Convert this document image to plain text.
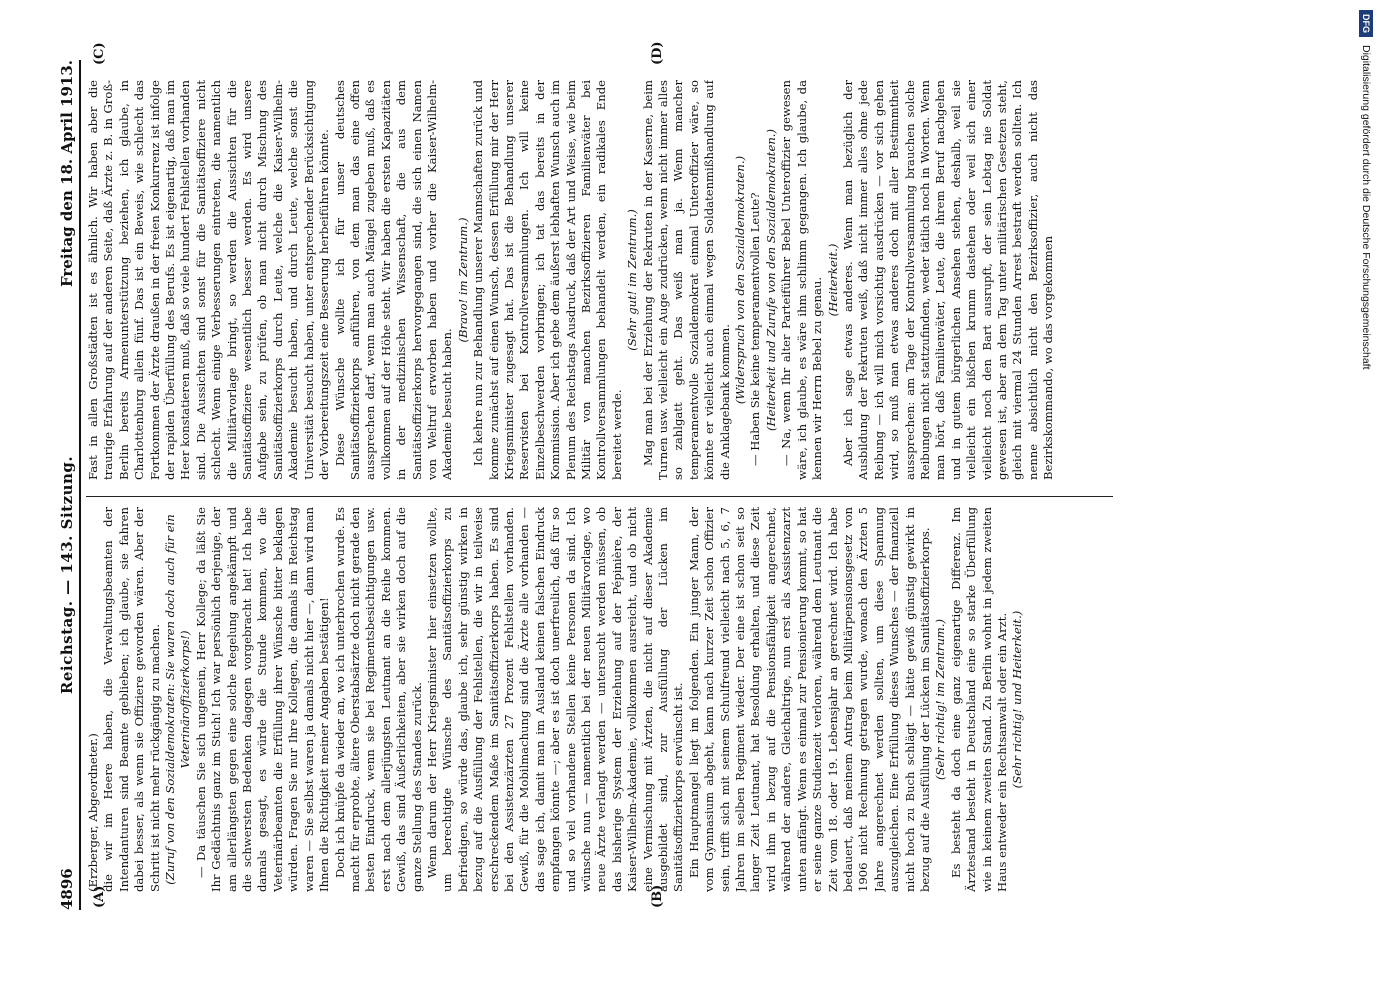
4896
Reichstag. — 143. Sitzung.
Freitag den 18. April 1913.
(A)	(B)
(C)	(D)

(Erzberger, Abgeordneter.) die wir im Heere haben, die Verwaltungsbeamten der Intendanturen sind Beamte geblieben; ich glaube, sie fahren dabei besser, als wenn sie Offiziere geworden wären. Aber der Schritt ist nicht mehr rückgängig zu machen. (Zuruf von den Sozialdemokraten: Sie waren doch auch für ein Veterinäroffizierkorps!) — Da täuschen Sie sich ungemein, Herr Kollege; da läßt Sie Ihr Gedächtnis ganz im Stich! Ich war persönlich derjenige, der am allerlängsten gegen eine solche Regelung angekämpft und die schwersten Bedenken dagegen vorgebracht hat! Ich habe damals gesagt, es würde die Stunde kommen, wo die Veterinärbeamten die Erfüllung ihrer Wünsche bitter beklagen würden. Fragen Sie nur Ihre Kollegen, die damals im Reichstag waren — Sie selbst waren ja damals nicht hier —, dann wird man Ihnen die Richtigkeit meiner Angaben bestätigen! Doch ich knüpfe da wieder an, wo ich unterbrochen wurde. Es macht für erprobte, ältere Oberstabsärzte doch nicht gerade den besten Eindruck, wenn sie bei Regimentsbesichtigungen usw. erst nach dem allerjüngsten Leutnant an die Reihe kommen. Gewiß, das sind Äußerlichkeiten, aber sie wirken doch auf die ganze Stellung des Standes zurück. Wenn darum der Herr Kriegsminister hier einsetzen wollte, um berechtigte Wünsche des Sanitätsoffizierkorps zu befriedigen, so würde das, glaube ich, sehr günstig wirken in bezug auf die Ausfüllung der Fehlstellen, die wir in teilweise erschreckendem Maße im Sanitätsoffizierkorps haben. Es sind bei den Assistenzärzten 27 Prozent Fehlstellen vorhanden. Gewiß, für die Mobilmachung sind die Ärzte alle vorhanden — das sage ich, damit man im Ausland keinen falschen Eindruck empfangen könnte —; aber es ist doch unerfreulich, daß für so und so viel vorhandene Stellen keine Personen da sind. Ich wünsche nun — namentlich bei der neuen Militärvorlage, wo neue Ärzte verlangt werden — untersucht werden müssen, ob das bisherige System der Erziehung auf der Pépinière, der Kaiser-Wilhelm-Akademie, vollkommen ausreicht, und ob nicht eine Vermischung mit Ärzten, die nicht auf dieser Akademie ausgebildet sind, zur Ausfüllung der Lücken im Sanitätsoffizierkorps erwünscht ist. Ein Hauptmangel liegt im folgenden. Ein junger Mann, der vom Gymnasium abgeht, kann nach kurzer Zeit schon Offizier sein, trifft sich mit seinem Schulfreund vielleicht nach 5, 6, 7 Jahren im selben Regiment wieder. Der eine ist schon seit so langer Zeit Leutnant, hat Besoldung erhalten, und diese Zeit wird ihm in bezug auf die Pensionsfähigkeit angerechnet, während der andere, Gleichaltrige, nun erst als Assistenzarzt unten anfängt. Wenn es einmal zur Pensionierung kommt, so hat er seine ganze Studienzeit verloren, während dem Leutnant die Zeit vom 18. oder 19. Lebensjahr an gerechnet wird. Ich habe bedauert, daß meinem Antrag beim Militärpensionsgesetz von 1906 nicht Rechnung getragen wurde, wonach den Ärzten 5 Jahre angerechnet werden sollten, um diese Spannung auszugleichen. Eine Erfüllung dieses Wunsches — der finanziell nicht hoch zu Buch schlägt — hätte gewiß günstig gewirkt in bezug auf die Ausfüllung der Lücken im Sanitätsoffizierkorps. (Sehr richtig! im Zentrum.) Es besteht da doch eine ganz eigenartige Differenz. Im Ärztestand besteht in Deutschland eine so starke Überfüllung wie in keinem zweiten Stand. Zu Berlin wohnt in jedem zweiten Haus entweder ein Rechtsanwalt oder ein Arzt. (Sehr richtig! und Heiterkeit.)

Fast in allen Großstädten ist es ähnlich. Wir haben aber die traurige Erfahrung auf der anderen Seite, daß Ärzte z. B. in Groß-Berlin bereits Armenunterstützung beziehen, ich glaube, in Charlottenburg allein fünf. Das ist ein Beweis, wie schlecht das Fortkommen der Ärzte draußen in der freien Konkurrenz ist infolge der rapiden Überfüllung des Berufs. Es ist eigenartig, daß man im Heer konstatieren muß, daß so viele hundert Fehlstellen vorhanden sind. Die Aussichten sind sonst für die Sanitätsoffiziere nicht schlecht. Wenn einige Verbesserungen eintreten, die namentlich die Militärvorlage bringt, so werden die Aussichten für die Sanitätsoffiziere wesentlich besser werden. Es wird unsere Aufgabe sein, zu prüfen, ob man nicht durch Mischung des Sanitätsoffizierkorps durch Leute, welche die Kaiser-Wilhelm-Akademie besucht haben, und durch Leute, welche sonst die Universität besucht haben, unter entsprechender Berücksichtigung der Vorbereitungszeit eine Besserung herbeiführen könnte. Diese Wünsche wollte ich für unser deutsches Sanitätsoffizierkorps anführen, von dem man das eine offen aussprechen darf, wenn man auch Mängel zugeben muß, daß es vollkommen auf der Höhe steht. Wir haben die ersten Kapazitäten in der medizinischen Wissenschaft, die aus dem Sanitätsoffizierkorps hervorgegangen sind, die sich einen Namen von Weltruf erworben haben und vorher die Kaiser-Wilhelm-Akademie besucht haben.

(Bravo! im Zentrum.) Ich kehre nun zur Behandlung unserer Mannschaften zurück und komme zunächst auf einen Wunsch, dessen Erfüllung mir der Herr Kriegsminister zugesagt hat. Das ist die Behandlung unserer Reservisten bei Kontrollversammlungen. Ich will keine Einzelbeschwerden vorbringen; ich tat das bereits in der Kommission. Aber ich gebe dem äußerst lebhaften Wunsch auch im Plenum des Reichstags Ausdruck, daß der Art und Weise, wie beim Militär von manchen Bezirksoffizieren Familienväter bei Kontrollversammlungen behandelt werden, ein radikales Ende bereitet werde.

(Sehr gut! im Zentrum.) Mag man bei der Erziehung der Rekruten in der Kaserne, beim Turnen usw. vielleicht ein Auge zudrücken, wenn nicht immer alles so zahlgatt geht. Das weiß man ja. Wenn mancher temperamentvolle Sozialdemokrat einmal Unteroffizier wäre, so könnte er vielleicht auch einmal wegen Soldatenmißhandlung auf die Anklagebank kommen. (Widerspruch von den Sozialdemokraten.) — Haben Sie keine temperamentvollen Leute? (Heiterkeit und Zurufe von den Sozialdemokraten.) — Na, wenn Ihr alter Parteiführer Bebel Unteroffizier gewesen wäre, ich glaube, es wäre ihm schlimm gegangen. Ich glaube, da kennen wir Herrn Bebel zu genau. (Heiterkeit.) Aber ich sage etwas anderes. Wenn man bezüglich der Ausbildung der Rekruten weiß, daß nicht immer alles ohne jede Reibung — ich will mich vorsichtig ausdrücken — vor sich gehen wird, so muß man etwas anderes doch mit aller Bestimmtheit aussprechen: am Tage der Kontrollversammlung brauchen solche Reibungen nicht stattzufinden, weder tätlich noch in Worten. Wenn man hört, daß Familienväter, Leute, die ihrem Beruf nachgehen und in gutem bürgerlichen Ansehen stehen, deshalb, weil sie vielleicht ein bißchen krumm dastehen oder weil sich einer vielleicht noch den Bart ausrupft, der sein Lebtag nie Soldat gewesen ist, aber an dem Tag unter militärischen Gesetzen steht, gleich mit viermal 24 Stunden Arrest bestraft werden sollten. Ich nenne absichtlich nicht den Bezirksoffizier, auch nicht das Bezirkskommando, wo das vorgekommen

DFG
Digitalisierung gefördert durch die Deutsche Forschungsgemeinschaft
